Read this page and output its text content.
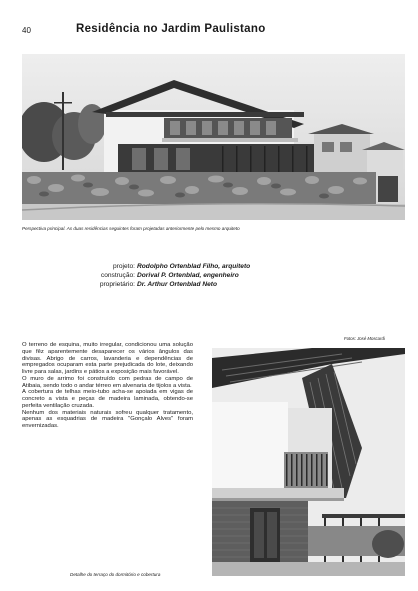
40	Residência no Jardim Paulistano
Perspectiva principal. As duas residências seguintes foram projetadas anteriormente pelo mesmo arquiteto
projeto: Rodolpho Ortenblad Filho, arquiteto
construção: Dorival P. Ortenblad, engenheiro
proprietário: Dr. Arthur Ortenblad Neto
Fotos: José Moscardi

O terreno de esquina, muito irregular, condicionou uma solução que fêz aparentemente desaparecer os vários ângulos das divisas. Abrigo de carros, lavanderia e dependências de empregados ocuparam esta parte prejudicada do lote, deixando livre para salas, jardins e pátios a exposição mais favorável.

O muro de arrimo foi construído com pedras de campo de Atibaia, sendo todo o andar térreo em alvenaria de tijolos a vista.

A cobertura de telhas meio-tubo acha-se apoiada em vigas de concreto a vista e peças de madeira laminada, obtendo-se perfeita ventilação cruzada.

Nenhum dos materiais naturais sofreu qualquer tratamento, apenas as esquadrias de madeira "Gonçalo Alves" foram envernizadas.

Detalhe do terraço do dormitório e cobertura
